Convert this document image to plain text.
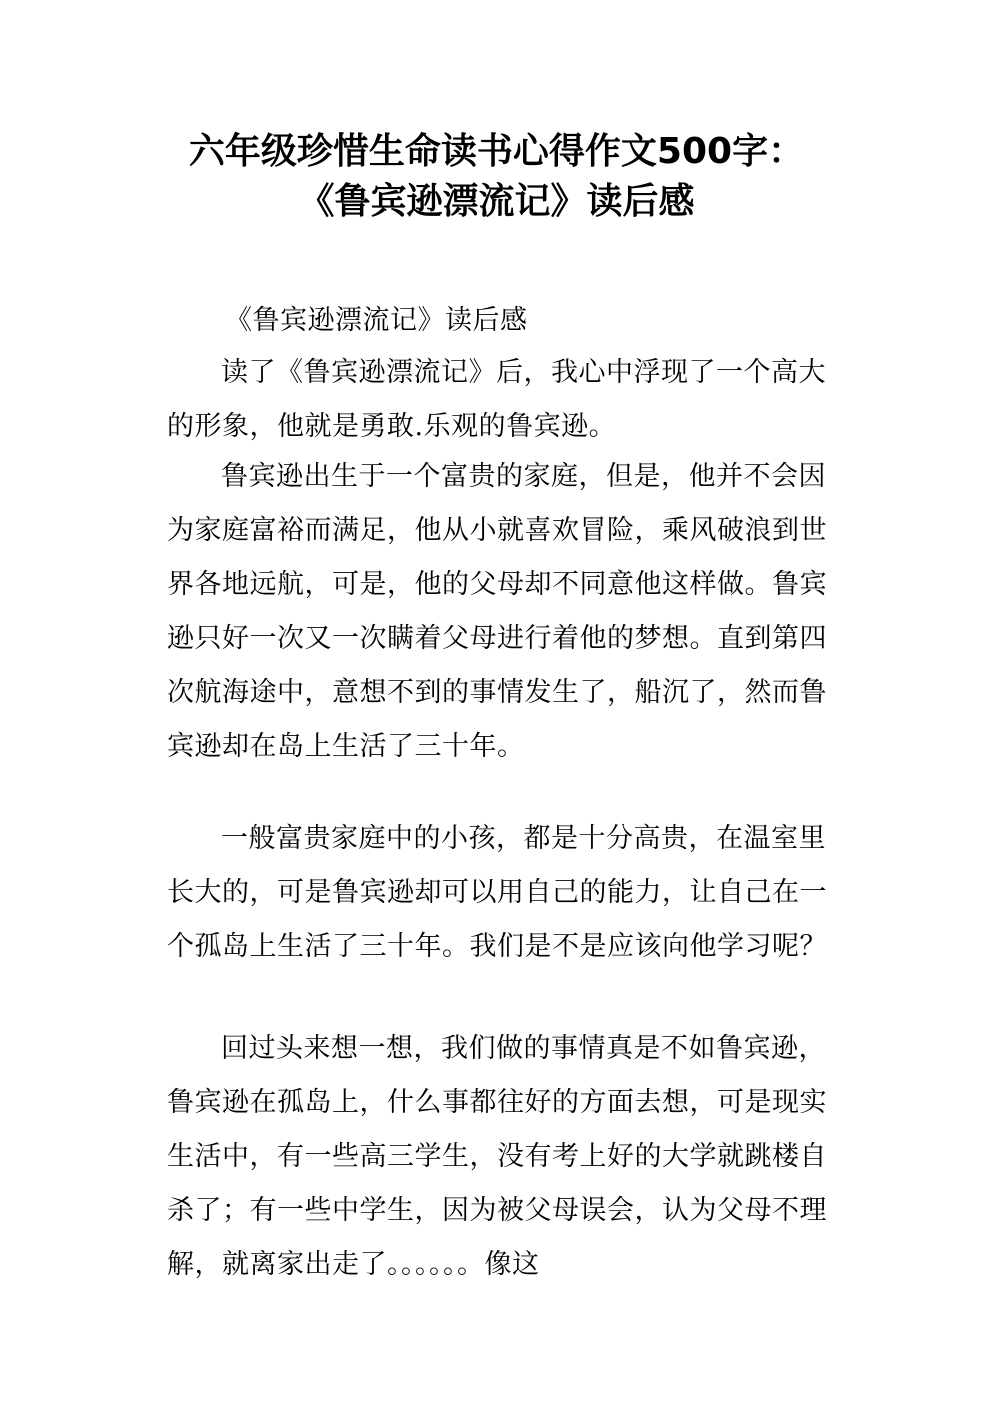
六年级珍惜生命读书心得作文500字：
《鲁宾逊漂流记》读后感

《鲁宾逊漂流记》读后感

读了《鲁宾逊漂流记》后，我心中浮现了一个高大的形象，他就是勇敢.乐观的鲁宾逊。

鲁宾逊出生于一个富贵的家庭，但是，他并不会因为家庭富裕而满足，他从小就喜欢冒险，乘风破浪到世界各地远航，可是，他的父母却不同意他这样做。鲁宾逊只好一次又一次瞒着父母进行着他的梦想。直到第四次航海途中，意想不到的事情发生了，船沉了，然而鲁宾逊却在岛上生活了三十年。

一般富贵家庭中的小孩，都是十分高贵，在温室里长大的，可是鲁宾逊却可以用自己的能力，让自己在一个孤岛上生活了三十年。我们是不是应该向他学习呢？

回过头来想一想，我们做的事情真是不如鲁宾逊，鲁宾逊在孤岛上，什么事都往好的方面去想，可是现实生活中，有一些高三学生，没有考上好的大学就跳楼自杀了；有一些中学生，因为被父母误会，认为父母不理解，就离家出走了。。。。。。像这
